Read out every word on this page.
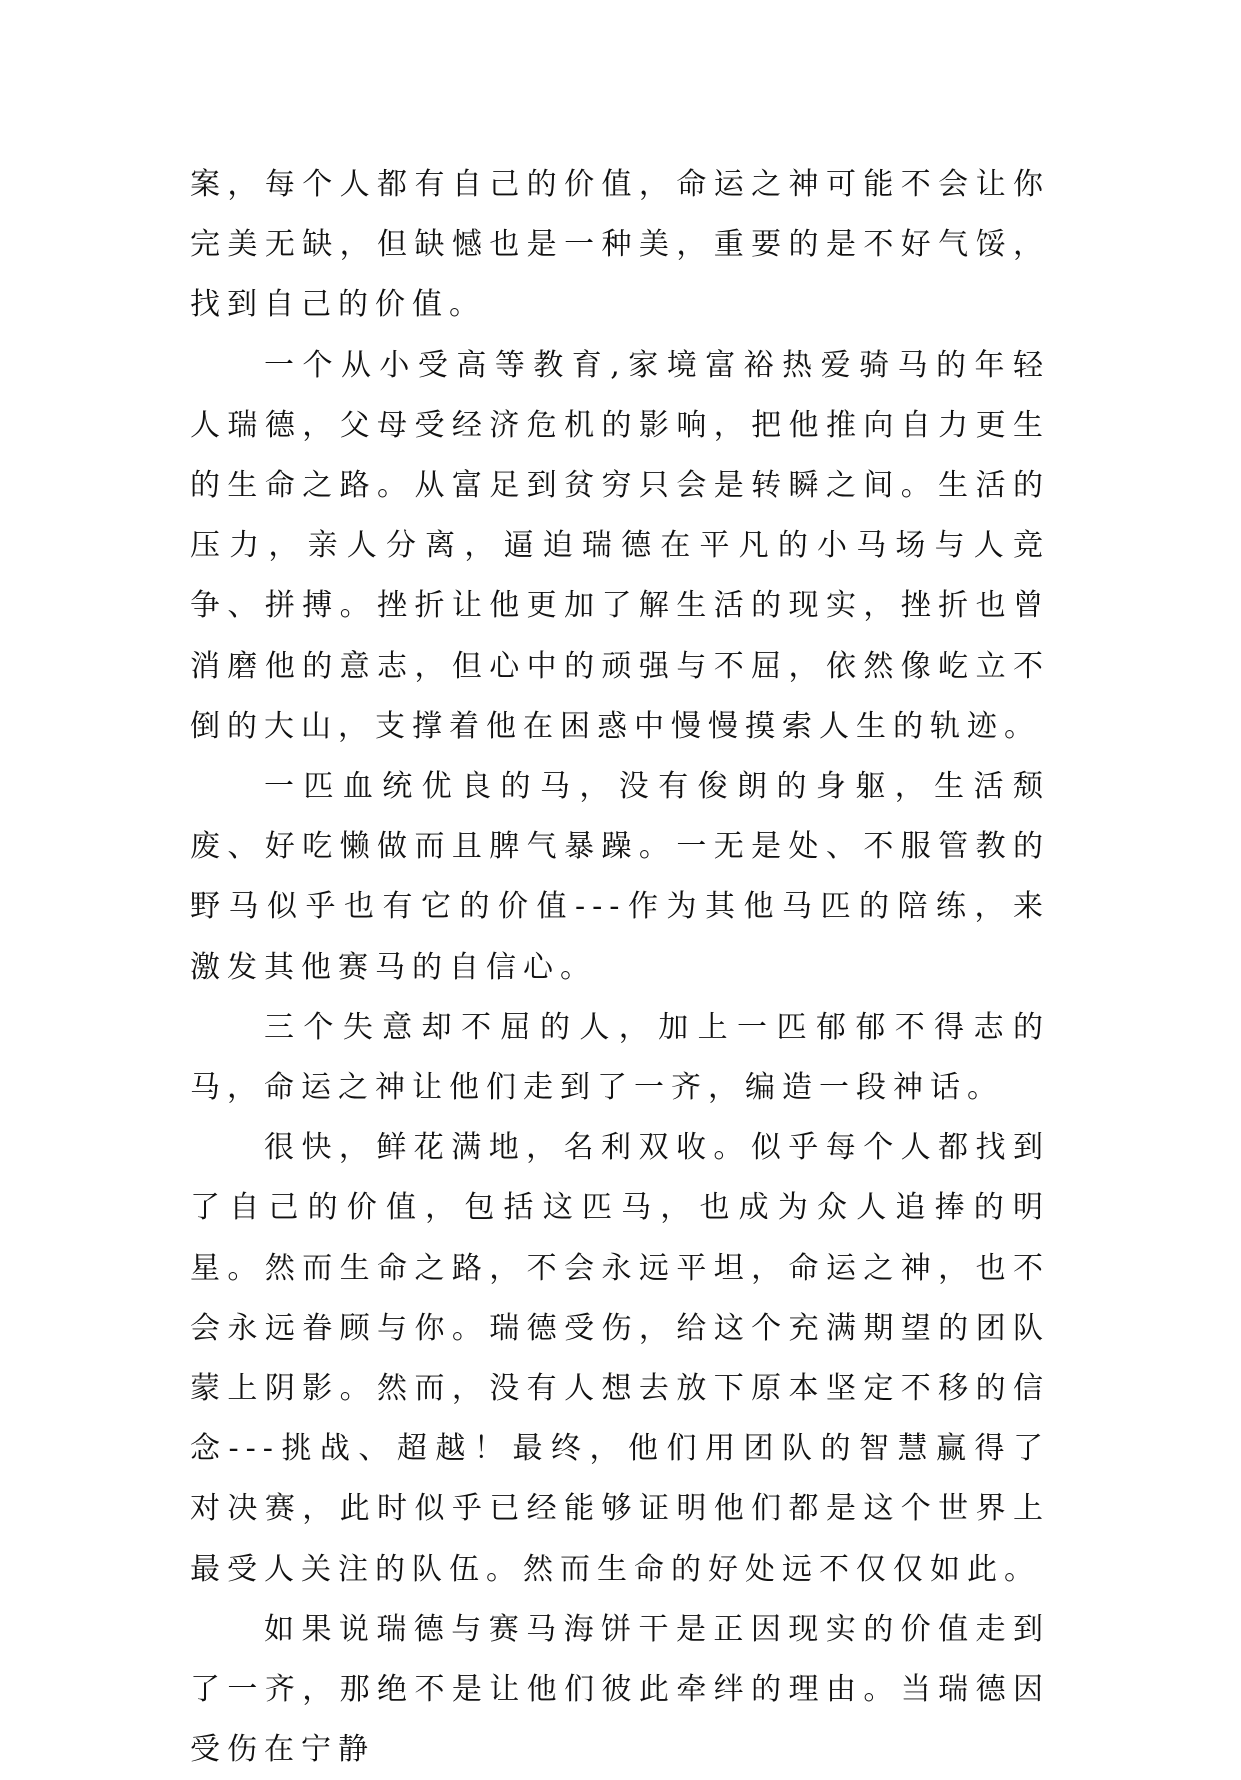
案，每个人都有自己的价值，命运之神可能不会让你完美无缺，但缺憾也是一种美，重要的是不好气馁，找到自己的价值。

一个从小受高等教育,家境富裕热爱骑马的年轻人瑞德，父母受经济危机的影响，把他推向自力更生的生命之路。从富足到贫穷只会是转瞬之间。生活的压力，亲人分离，逼迫瑞德在平凡的小马场与人竞争、拼搏。挫折让他更加了解生活的现实，挫折也曾消磨他的意志，但心中的顽强与不屈，依然像屹立不倒的大山，支撑着他在困惑中慢慢摸索人生的轨迹。

一匹血统优良的马，没有俊朗的身躯，生活颓废、好吃懒做而且脾气暴躁。一无是处、不服管教的野马似乎也有它的价值---作为其他马匹的陪练，来激发其他赛马的自信心。

三个失意却不屈的人，加上一匹郁郁不得志的马，命运之神让他们走到了一齐，编造一段神话。

很快，鲜花满地，名利双收。似乎每个人都找到了自己的价值，包括这匹马，也成为众人追捧的明星。然而生命之路，不会永远平坦，命运之神，也不会永远眷顾与你。瑞德受伤，给这个充满期望的团队蒙上阴影。然而，没有人想去放下原本坚定不移的信念---挑战、超越！最终，他们用团队的智慧赢得了对决赛，此时似乎已经能够证明他们都是这个世界上最受人关注的队伍。然而生命的好处远不仅仅如此。

如果说瑞德与赛马海饼干是正因现实的价值走到了一齐，那绝不是让他们彼此牵绊的理由。当瑞德因受伤在宁静
